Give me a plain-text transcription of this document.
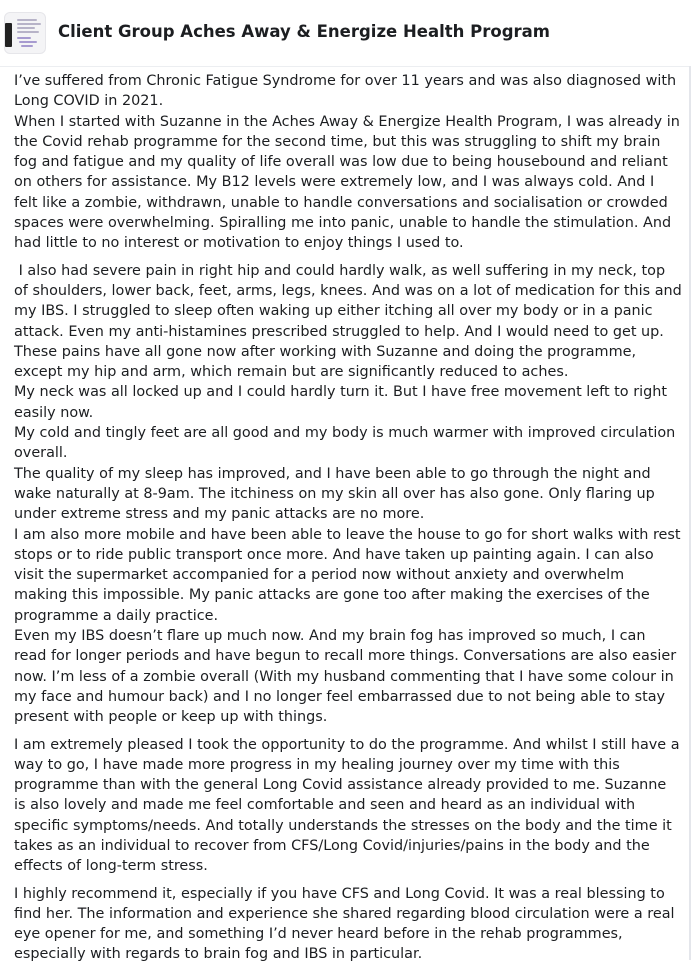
Client Group Aches Away & Energize Health Program

I’ve suffered from Chronic Fatigue Syndrome for over 11 years and was also diagnosed with Long COVID in 2021.

When I started with Suzanne in the Aches Away & Energize Health Program, I was already in the Covid rehab programme for the second time, but this was struggling to shift my brain fog and fatigue and my quality of life overall was low due to being housebound and reliant on others for assistance. My B12 levels were extremely low, and I was always cold. And I felt like a zombie, withdrawn, unable to handle conversations and socialisation or crowded spaces were overwhelming. Spiralling me into panic, unable to handle the stimulation. And had little to no interest or motivation to enjoy things I used to.

I also had severe pain in right hip and could hardly walk, as well suffering in my neck, top of shoulders, lower back, feet, arms, legs, knees. And was on a lot of medication for this and my IBS. I struggled to sleep often waking up either itching all over my body or in a panic attack. Even my anti-histamines prescribed struggled to help. And I would need to get up.

These pains have all gone now after working with Suzanne and doing the programme, except my hip and arm, which remain but are significantly reduced to aches.

My neck was all locked up and I could hardly turn it. But I have free movement left to right easily now.

My cold and tingly feet are all good and my body is much warmer with improved circulation overall.

The quality of my sleep has improved, and I have been able to go through the night and wake naturally at 8-9am. The itchiness on my skin all over has also gone. Only flaring up under extreme stress and my panic attacks are no more.

I am also more mobile and have been able to leave the house to go for short walks with rest stops or to ride public transport once more. And have taken up painting again. I can also visit the supermarket accompanied for a period now without anxiety and overwhelm making this impossible. My panic attacks are gone too after making the exercises of the programme a daily practice.

Even my IBS doesn’t flare up much now. And my brain fog has improved so much, I can read for longer periods and have begun to recall more things. Conversations are also easier now. I’m less of a zombie overall (With my husband commenting that I have some colour in my face and humour back) and I no longer feel embarrassed due to not being able to stay present with people or keep up with things.

I am extremely pleased I took the opportunity to do the programme. And whilst I still have a way to go, I have made more progress in my healing journey over my time with this programme than with the general Long Covid assistance already provided to me. Suzanne is also lovely and made me feel comfortable and seen and heard as an individual with specific symptoms/needs. And totally understands the stresses on the body and the time it takes as an individual to recover from CFS/Long Covid/injuries/pains in the body and the effects of long-term stress.

I highly recommend it, especially if you have CFS and Long Covid. It was a real blessing to find her. The information and experience she shared regarding blood circulation were a real eye opener for me, and something I’d never heard before in the rehab programmes, especially with regards to brain fog and IBS in particular.
